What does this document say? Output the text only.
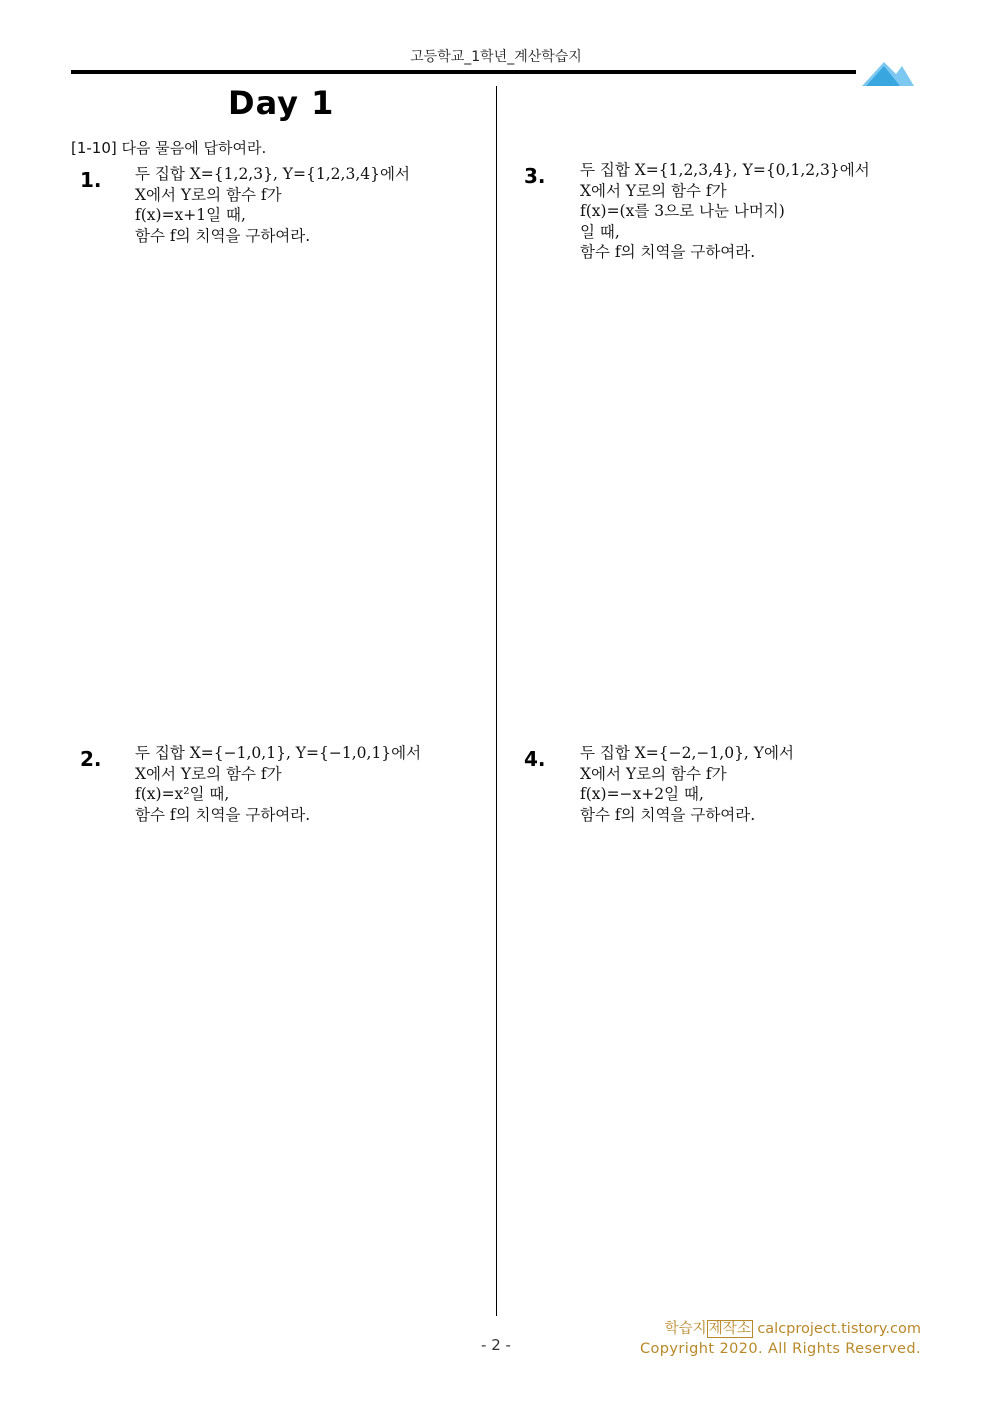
고등학교_1학년_계산학습지
Day 1
[1-10] 다음 물음에 답하여라.
1. 두 집합 X={1,2,3}, Y={1,2,3,4}에서
X에서 Y로의 함수 f가
f(x)=x+1일 때,
함수 f의 치역을 구하여라.
2. 두 집합 X={−1,0,1}, Y={−1,0,1}에서
X에서 Y로의 함수 f가
f(x)=x²일 때,
함수 f의 치역을 구하여라.
3. 두 집합 X={1,2,3,4}, Y={0,1,2,3}에서
X에서 Y로의 함수 f가
f(x)=(x를 3으로 나눈 나머지)
일 때,
함수 f의 치역을 구하여라.
4. 두 집합 X={−2,−1,0}, Y에서
X에서 Y로의 함수 f가
f(x)=−x+2일 때,
함수 f의 치역을 구하여라.
- 2 -
학습지 제작소 calcproject.tistory.com
Copyright 2020. All Rights Reserved.
